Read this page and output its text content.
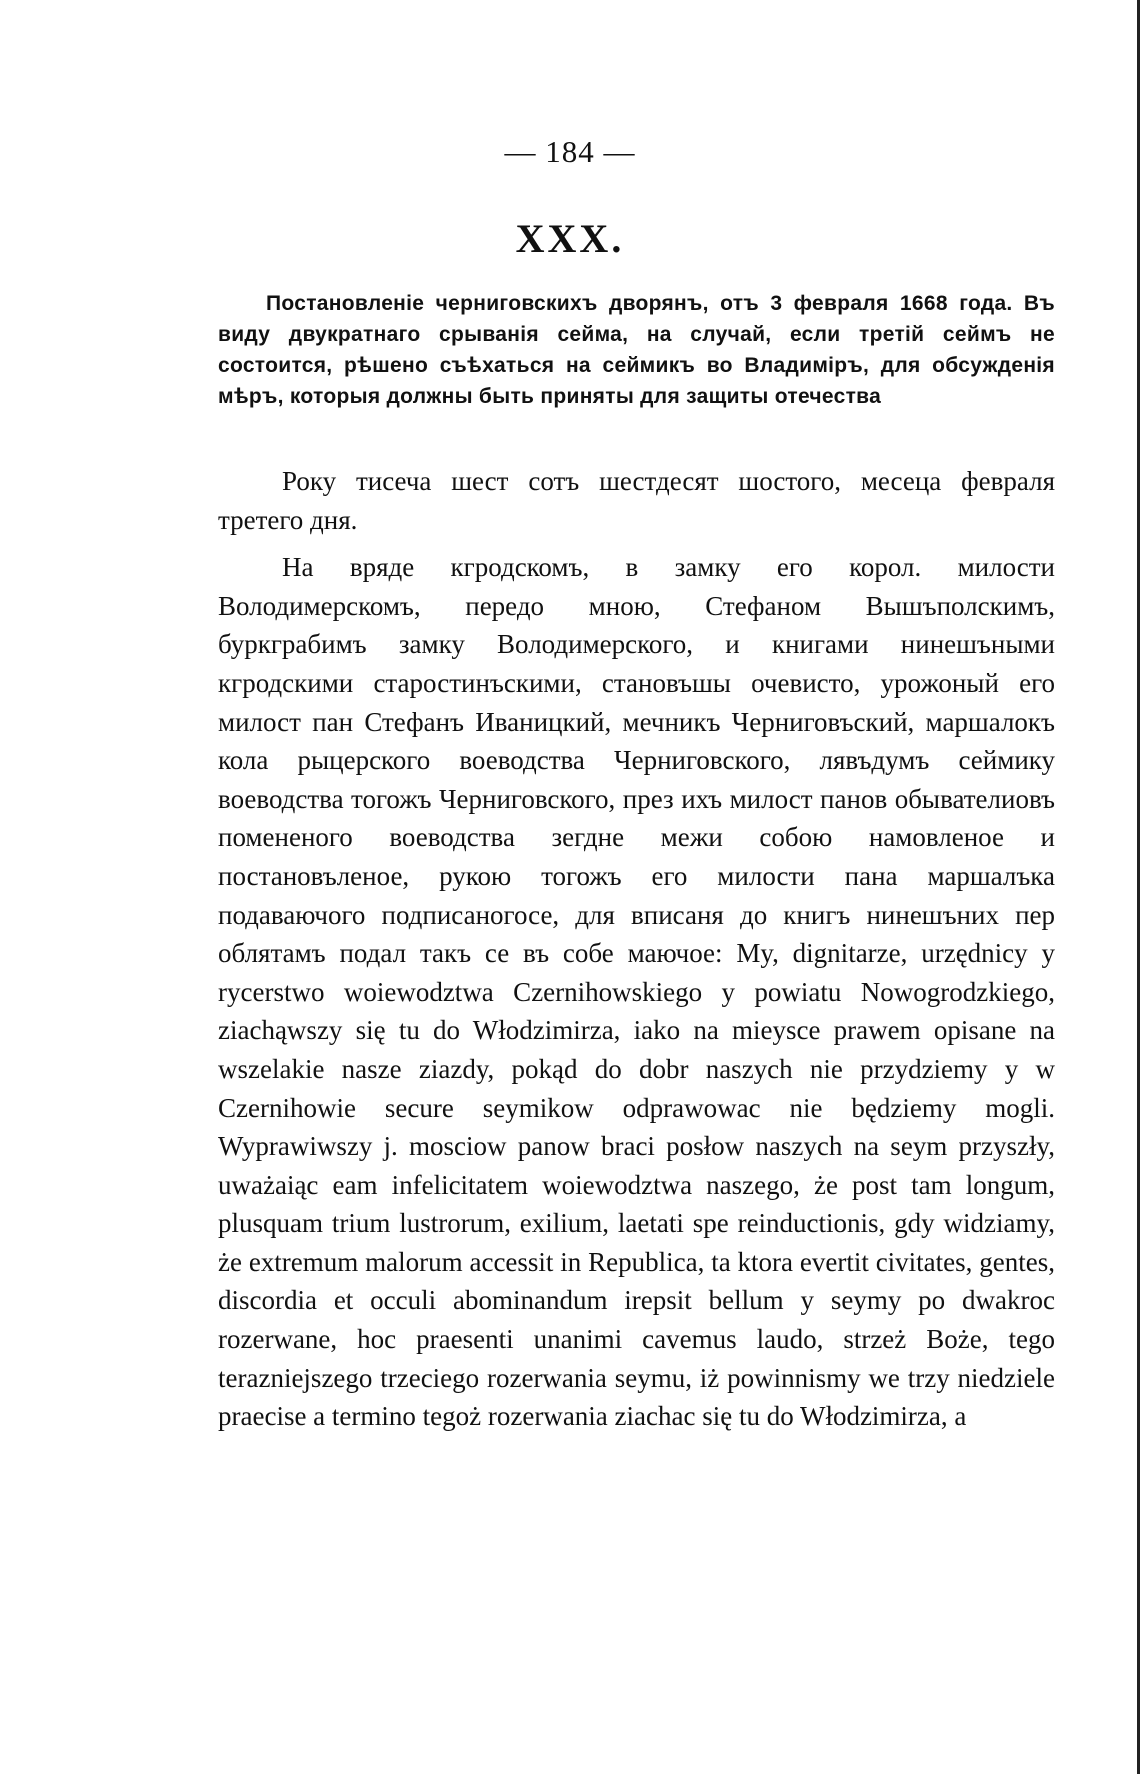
— 184 —
XXX.
Постановленіе черниговскихъ дворянъ, отъ 3 февраля 1668 года. Въ виду двукратнаго срыванія сейма, на случай, если третій сеймъ не состоится, рѣшено съѣхаться на сеймикъ во Владиміръ, для обсужденія мѣръ, которыя должны быть приняты для защиты отечества

Року тисеча шест сотъ шестдесят шостого, месеца февраля третего дня.

На вряде кгродскомъ, в замку его корол. милости Володимерскомъ, передо мною, Стефаном Вышъполскимъ, буркграбимъ замку Володимерского, и книгами нинешъными кгродскими старостинъскими, становъшы очевисто, урожоный его милост пан Стефанъ Иваницкий, мечникъ Черниговъский, маршалокъ кола рыцерского воеводства Черниговского, лявъдумъ сеймику воеводства тогожъ Черниговского, през ихъ милост панов обывателиовъ помененого воеводства зегдне межи собою намовленое и постановъленое, рукою тогожъ его милости пана маршалъка подаваючого подписаногосе, для вписаня до книгъ нинешъних пер облятамъ подал такъ се въ собе маючое: My, dignitarze, urzędnicy y rycerstwo woiewodztwa Czernihowskiego y powiatu Nowogrodzkiego, ziachąwszy się tu do Włodzimirza, iako na mieysce prawem opisane na wszelakie nasze ziazdy, pokąd do dobr naszych nie przydziemy y w Czernihowie secure seymikow odprawowac nie będziemy mogli. Wyprawiwszy j. mosciow panow braci posłow naszych na seym przyszły, uważaiąc eam infelicitatem woiewodztwa naszego, że post tam longum, plusquam trium lustrorum, exilium, laetati spe reinductionis, gdy widziamy, że extremum malorum accessit in Republica, ta ktora evertit civitates, gentes, discordia et occuli abominandum irepsit bellum y seymy po dwakroc rozerwane, hoc praesenti unanimi cavemus laudo, strzeż Boże, tego terazniejszego trzeciego rozerwania seymu, iż powinnismy we trzy niedziele praecise a termino tegoż rozerwania ziachac się tu do Włodzimirza, a
